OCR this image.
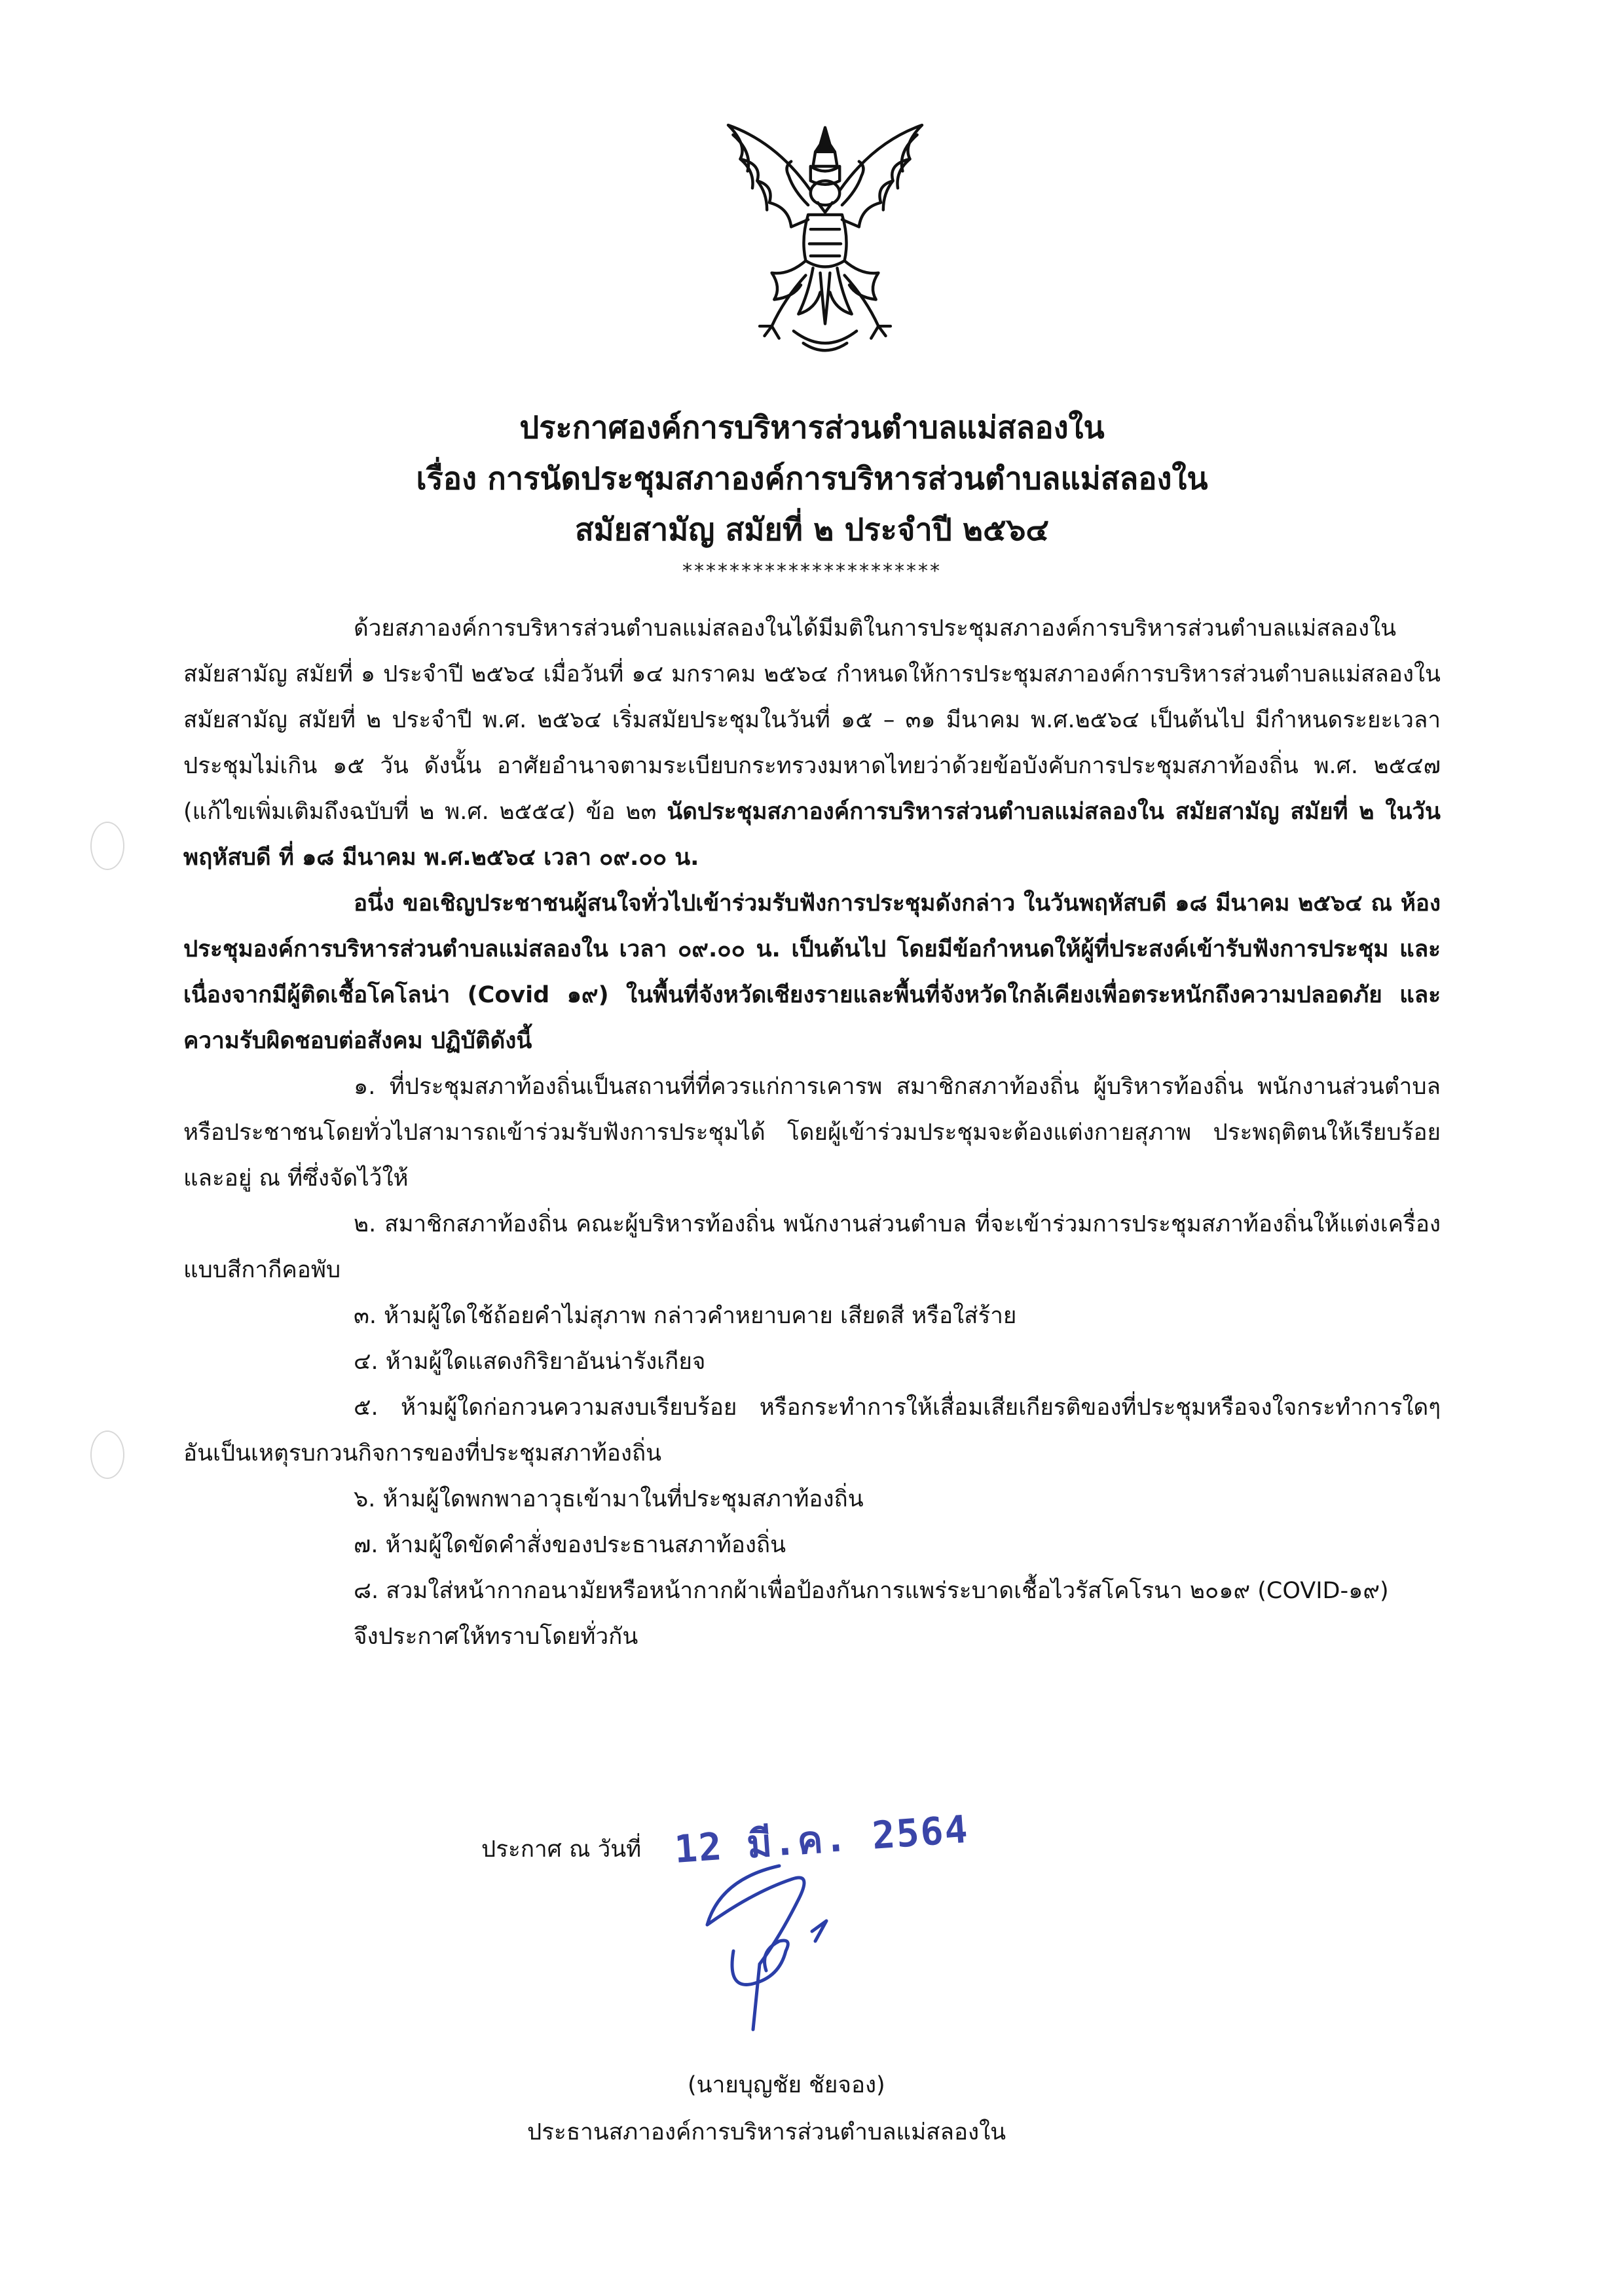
ประกาศองค์การบริหารส่วนตำบลแม่สลองใน
เรื่อง การนัดประชุมสภาองค์การบริหารส่วนตำบลแม่สลองใน
สมัยสามัญ สมัยที่ ๒ ประจำปี ๒๕๖๔
**********************

ด้วยสภาองค์การบริหารส่วนตำบลแม่สลองในได้มีมติในการประชุมสภาองค์การบริหารส่วนตำบลแม่สลองใน สมัยสามัญ สมัยที่ ๑ ประจำปี ๒๕๖๔ เมื่อวันที่ ๑๔ มกราคม ๒๕๖๔ กำหนดให้การประชุมสภาองค์การบริหารส่วนตำบลแม่สลองใน สมัยสามัญ สมัยที่ ๒ ประจำปี พ.ศ. ๒๕๖๔ เริ่มสมัยประชุมในวันที่ ๑๕ – ๓๑ มีนาคม พ.ศ.๒๕๖๔ เป็นต้นไป มีกำหนดระยะเวลาประชุมไม่เกิน ๑๕ วัน ดังนั้น อาศัยอำนาจตามระเบียบกระทรวงมหาดไทยว่าด้วยข้อบังคับการประชุมสภาท้องถิ่น พ.ศ. ๒๕๔๗ (แก้ไขเพิ่มเติมถึงฉบับที่ ๒ พ.ศ. ๒๕๕๔) ข้อ ๒๓ นัดประชุมสภาองค์การบริหารส่วนตำบลแม่สลองใน สมัยสามัญ สมัยที่ ๒ ในวันพฤหัสบดี ที่ ๑๘ มีนาคม พ.ศ.๒๕๖๔ เวลา ๐๙.๐๐ น.

อนึ่ง ขอเชิญประชาชนผู้สนใจทั่วไปเข้าร่วมรับฟังการประชุมดังกล่าว ในวันพฤหัสบดี ๑๘ มีนาคม ๒๕๖๔ ณ ห้องประชุมองค์การบริหารส่วนตำบลแม่สลองใน เวลา ๐๙.๐๐ น. เป็นต้นไป โดยมีข้อกำหนดให้ผู้ที่ประสงค์เข้ารับฟังการประชุม และเนื่องจากมีผู้ติดเชื้อโคโลน่า (Covid ๑๙) ในพื้นที่จังหวัดเชียงรายและพื้นที่จังหวัดใกล้เคียงเพื่อตระหนักถึงความปลอดภัย และความรับผิดชอบต่อสังคม ปฏิบัติดังนี้

๑. ที่ประชุมสภาท้องถิ่นเป็นสถานที่ที่ควรแก่การเคารพ สมาชิกสภาท้องถิ่น ผู้บริหารท้องถิ่น พนักงานส่วนตำบล หรือประชาชนโดยทั่วไปสามารถเข้าร่วมรับฟังการประชุมได้ โดยผู้เข้าร่วมประชุมจะต้องแต่งกายสุภาพ ประพฤติตนให้เรียบร้อย และอยู่ ณ ที่ซึ่งจัดไว้ให้

๒. สมาชิกสภาท้องถิ่น คณะผู้บริหารท้องถิ่น พนักงานส่วนตำบล ที่จะเข้าร่วมการประชุมสภาท้องถิ่นให้แต่งเครื่องแบบสีกากีคอพับ

๓. ห้ามผู้ใดใช้ถ้อยคำไม่สุภาพ กล่าวคำหยาบคาย เสียดสี หรือใส่ร้าย

๔. ห้ามผู้ใดแสดงกิริยาอันน่ารังเกียจ

๕. ห้ามผู้ใดก่อกวนความสงบเรียบร้อย หรือกระทำการให้เสื่อมเสียเกียรติของที่ประชุมหรือจงใจกระทำการใดๆ อันเป็นเหตุรบกวนกิจการของที่ประชุมสภาท้องถิ่น

๖. ห้ามผู้ใดพกพาอาวุธเข้ามาในที่ประชุมสภาท้องถิ่น

๗. ห้ามผู้ใดขัดคำสั่งของประธานสภาท้องถิ่น

๘. สวมใส่หน้ากากอนามัยหรือหน้ากากผ้าเพื่อป้องกันการแพร่ระบาดเชื้อไวรัสโคโรนา ๒๐๑๙ (COVID-๑๙)

จึงประกาศให้ทราบโดยทั่วกัน

ประกาศ ณ วันที่ 12 มี.ค. 2564
(นายบุญชัย ชัยจอง)
ประธานสภาองค์การบริหารส่วนตำบลแม่สลองใน
